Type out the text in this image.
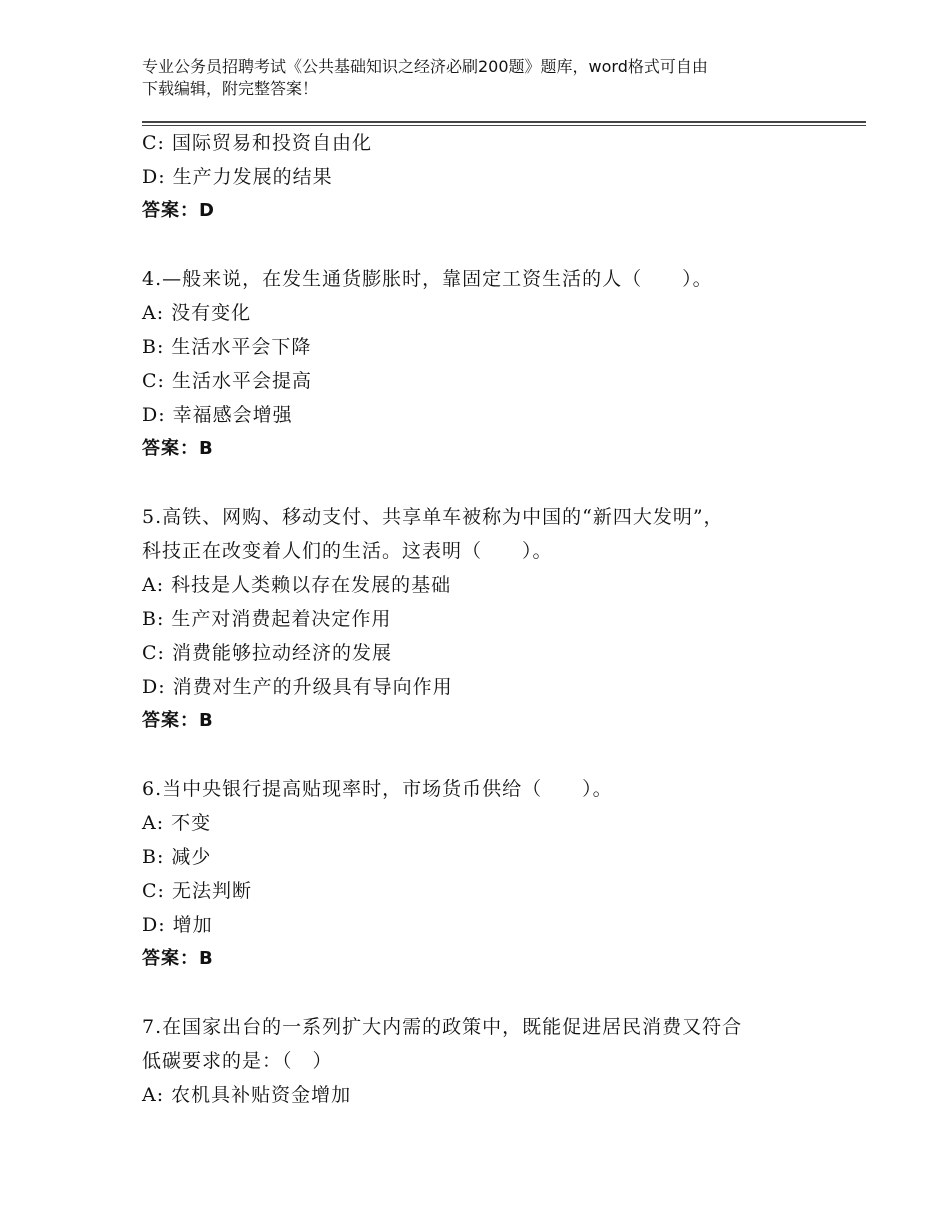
专业公务员招聘考试《公共基础知识之经济必刷200题》题库，word格式可自由
下载编辑，附完整答案！
C: 国际贸易和投资自由化
D: 生产力发展的结果
答案：D
4.—般来说，在发生通货膨胀时，靠固定工资生活的人（　　）。
A: 没有变化
B: 生活水平会下降
C: 生活水平会提高
D: 幸福感会增强
答案：B
5.高铁、网购、移动支付、共享单车被称为中国的“新四大发明”，
科技正在改变着人们的生活。这表明（　　）。
A: 科技是人类赖以存在发展的基础
B: 生产对消费起着决定作用
C: 消费能够拉动经济的发展
D: 消费对生产的升级具有导向作用
答案：B
6.当中央银行提高贴现率时，市场货币供给（　　）。
A: 不变
B: 减少
C: 无法判断
D: 增加
答案：B
7.在国家出台的一系列扩大内需的政策中，既能促进居民消费又符合
低碳要求的是：（　）
A: 农机具补贴资金增加
